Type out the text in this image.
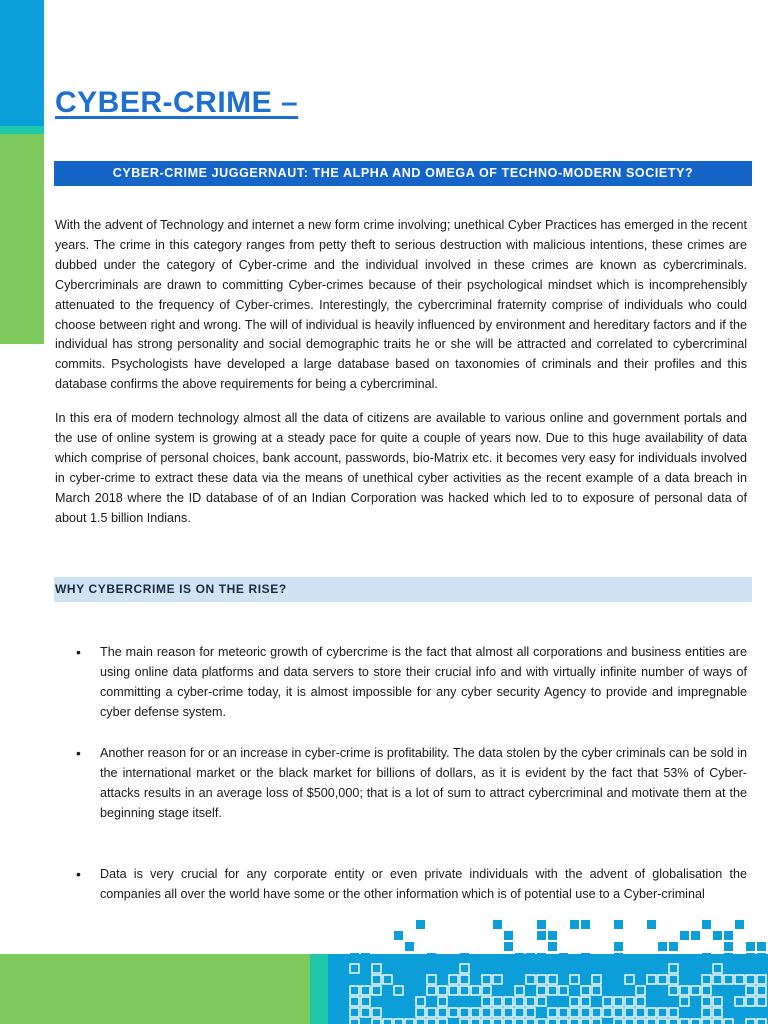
CYBER-CRIME –
CYBER-CRIME JUGGERNAUT: THE ALPHA AND OMEGA OF TECHNO-MODERN SOCIETY?

With the advent of Technology and internet a new form crime involving; unethical Cyber Practices has emerged in the recent years. The crime in this category ranges from petty theft to serious destruction with malicious intentions, these crimes are dubbed under the category of Cyber-crime and the individual involved in these crimes are known as cybercriminals. Cybercriminals are drawn to committing Cyber-crimes because of their psychological mindset which is incomprehensibly attenuated to the frequency of Cyber-crimes. Interestingly, the cybercriminal fraternity comprise of individuals who could choose between right and wrong. The will of individual is heavily influenced by environment and hereditary factors and if the individual has strong personality and social demographic traits he or she will be attracted and correlated to cybercriminal commits. Psychologists have developed a large database based on taxonomies of criminals and their profiles and this database confirms the above requirements for being a cybercriminal.

In this era of modern technology almost all the data of citizens are available to various online and government portals and the use of online system is growing at a steady pace for quite a couple of years now. Due to this huge availability of data which comprise of personal choices, bank account, passwords, bio-Matrix etc. it becomes very easy for individuals involved in cyber-crime to extract these data via the means of unethical cyber activities as the recent example of a data breach in March 2018 where the ID database of of an Indian Corporation was hacked which led to to exposure of personal data of about 1.5 billion Indians.

WHY CYBERCRIME IS ON THE RISE?
• The main reason for meteoric growth of cybercrime is the fact that almost all corporations and business entities are using online data platforms and data servers to store their crucial info and with virtually infinite number of ways of committing a cyber-crime today, it is almost impossible for any cyber security Agency to provide and impregnable cyber defense system.
• Another reason for or an increase in cyber-crime is profitability. The data stolen by the cyber criminals can be sold in the international market or the black market for billions of dollars, as it is evident by the fact that 53% of Cyber-attacks results in an average loss of $500,000; that is a lot of sum to attract cybercriminal and motivate them at the beginning stage itself.
• Data is very crucial for any corporate entity or even private individuals with the advent of globalisation the companies all over the world have some or the other information which is of potential use to a Cyber-criminal
